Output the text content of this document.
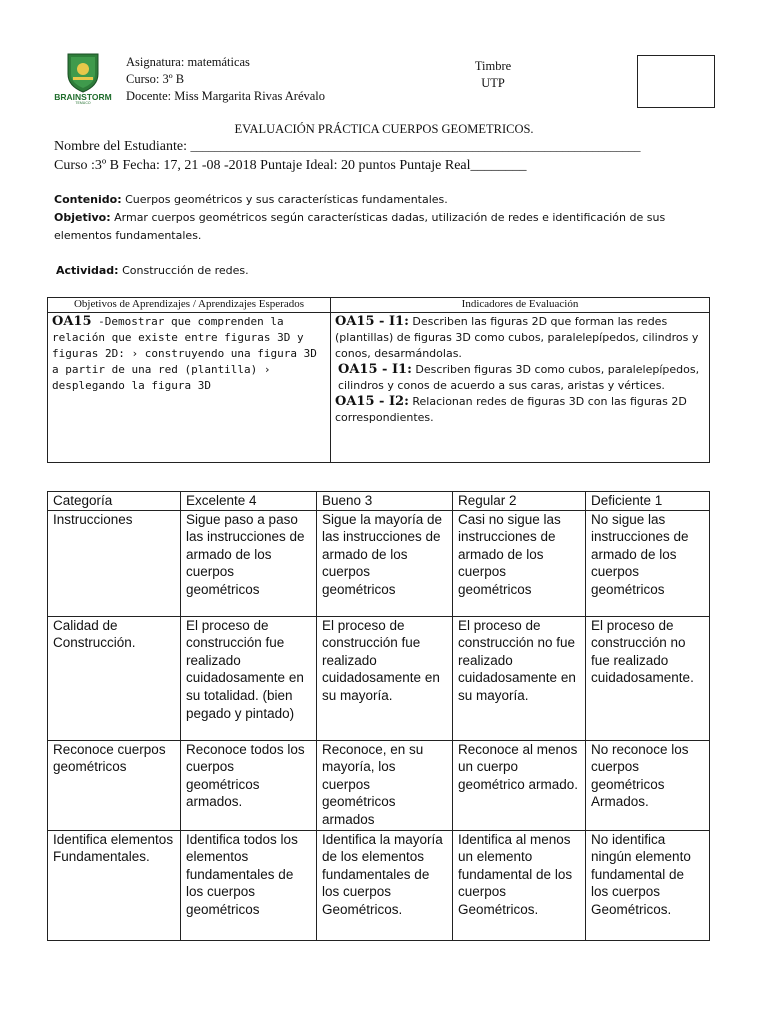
BRAINSTORM
TEMUCO
Asignatura: matemáticas
Curso: 3º B
Docente: Miss Margarita Rivas Arévalo
Timbre
UTP
EVALUACIÓN PRÁCTICA CUERPOS GEOMETRICOS.
Nombre del Estudiante: ___________________________________________________________________________
Curso :3º B Fecha: 17, 21 -08 -2018 Puntaje Ideal: 20 puntos Puntaje Real________
Contenido: Cuerpos geométricos y sus características fundamentales.
Objetivo: Armar cuerpos geométricos según características dadas, utilización de redes e identificación de sus elementos fundamentales.
Actividad: Construcción de redes.
Objetivos de Aprendizajes / Aprendizajes Esperados	Indicadores de Evaluación

OA15 -Demostrar que comprenden la relación que existe entre figuras 3D y figuras 2D: › construyendo una figura 3D a partir de una red (plantilla) › desplegando la figura 3D	OA15 - I1: Describen las figuras 2D que forman las redes (plantillas) de figuras 3D como cubos, paralelepípedos, cilindros y conos, desarmándolas.
OA15 - I1: Describen figuras 3D como cubos, paralelepípedos, cilindros y conos de acuerdo a sus caras, aristas y vértices.
OA15 - I2: Relacionan redes de figuras 3D con las figuras 2D correspondientes.
Categoría	Excelente 4	Bueno 3	Regular 2	Deficiente 1
Instrucciones	Sigue paso a paso las instrucciones de armado de los cuerpos geométricos	Sigue la mayoría de las instrucciones de armado de los cuerpos geométricos	Casi no sigue las instrucciones de armado de los cuerpos geométricos	No sigue las instrucciones de armado de los cuerpos geométricos
Calidad de Construcción.	El proceso de construcción fue realizado cuidadosamente en su totalidad. (bien pegado y pintado)	El proceso de construcción fue realizado cuidadosamente en su mayoría.	El proceso de construcción no fue realizado cuidadosamente en su mayoría.	El proceso de construcción no fue realizado cuidadosamente.
Reconoce cuerpos geométricos	Reconoce todos los cuerpos geométricos armados.	Reconoce, en su mayoría, los cuerpos geométricos armados	Reconoce al menos un cuerpo geométrico armado.	No reconoce los cuerpos geométricos Armados.
Identifica elementos Fundamentales.	Identifica todos los elementos fundamentales de los cuerpos geométricos	Identifica la mayoría de los elementos fundamentales de los cuerpos Geométricos.	Identifica al menos un elemento fundamental de los cuerpos Geométricos.	No identifica ningún elemento fundamental de los cuerpos Geométricos.
